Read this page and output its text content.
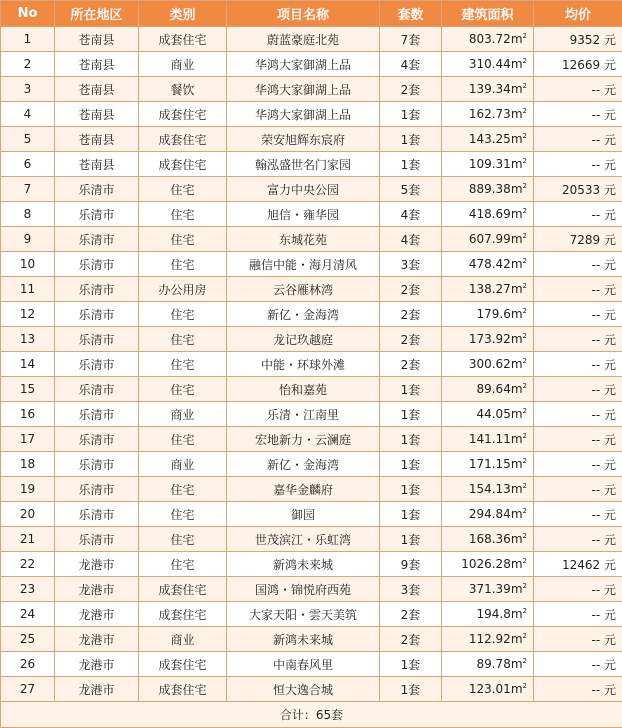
No	所在地区	类别	项目名称	套数	建筑面积	均价
1	苍南县	成套住宅	蔚蓝豪庭北苑	7套	$803.72m^2$	9352 元
2	苍南县	商业	华鸿大家御湖上品	4套	$310.44m^2$	12669 元
3	苍南县	餐饮	华鸿大家御湖上品	2套	$139.34m^2$	-- 元
4	苍南县	成套住宅	华鸿大家御湖上品	1套	$162.73m^2$	-- 元
5	苍南县	成套住宅	荣安旭辉东宸府	1套	$143.25m^2$	-- 元
6	苍南县	成套住宅	翰泓盛世名门家园	1套	$109.31m^2$	-- 元
7	乐清市	住宅	富力中央公园	5套	$889.38m^2$	20533 元
8	乐清市	住宅	旭信・雍华园	4套	$418.69m^2$	-- 元
9	乐清市	住宅	东城花苑	4套	$607.99m^2$	7289 元
10	乐清市	住宅	融信中能・海月清风	3套	$478.42m^2$	-- 元
11	乐清市	办公用房	云谷雁林湾	2套	$138.27m^2$	-- 元
12	乐清市	住宅	新亿・金海湾	2套	$179.6m^2$	-- 元
13	乐清市	住宅	龙记玖越庭	2套	$173.92m^2$	-- 元
14	乐清市	住宅	中能・环球外滩	2套	$300.62m^2$	-- 元
15	乐清市	住宅	怡和嘉苑	1套	$89.64m^2$	-- 元
16	乐清市	商业	乐清・江南里	1套	$44.05m^2$	-- 元
17	乐清市	住宅	宏地新力・云澜庭	1套	$141.11m^2$	-- 元
18	乐清市	商业	新亿・金海湾	1套	$171.15m^2$	-- 元
19	乐清市	住宅	嘉华金麟府	1套	$154.13m^2$	-- 元
20	乐清市	住宅	御园	1套	$294.84m^2$	-- 元
21	乐清市	住宅	世茂滨江・乐虹湾	1套	$168.36m^2$	-- 元
22	龙港市	住宅	新鸿未来城	9套	$1026.28m^2$	12462 元
23	龙港市	成套住宅	国鸿・锦悦府西苑	3套	$371.39m^2$	-- 元
24	龙港市	成套住宅	大家天阳・雲天美筑	2套	$194.8m^2$	-- 元
25	龙港市	商业	新鸿未来城	2套	$112.92m^2$	-- 元
26	龙港市	成套住宅	中南春风里	1套	$89.78m^2$	-- 元
27	龙港市	成套住宅	恒大逸合城	1套	$123.01m^2$	-- 元
合计：65套						
